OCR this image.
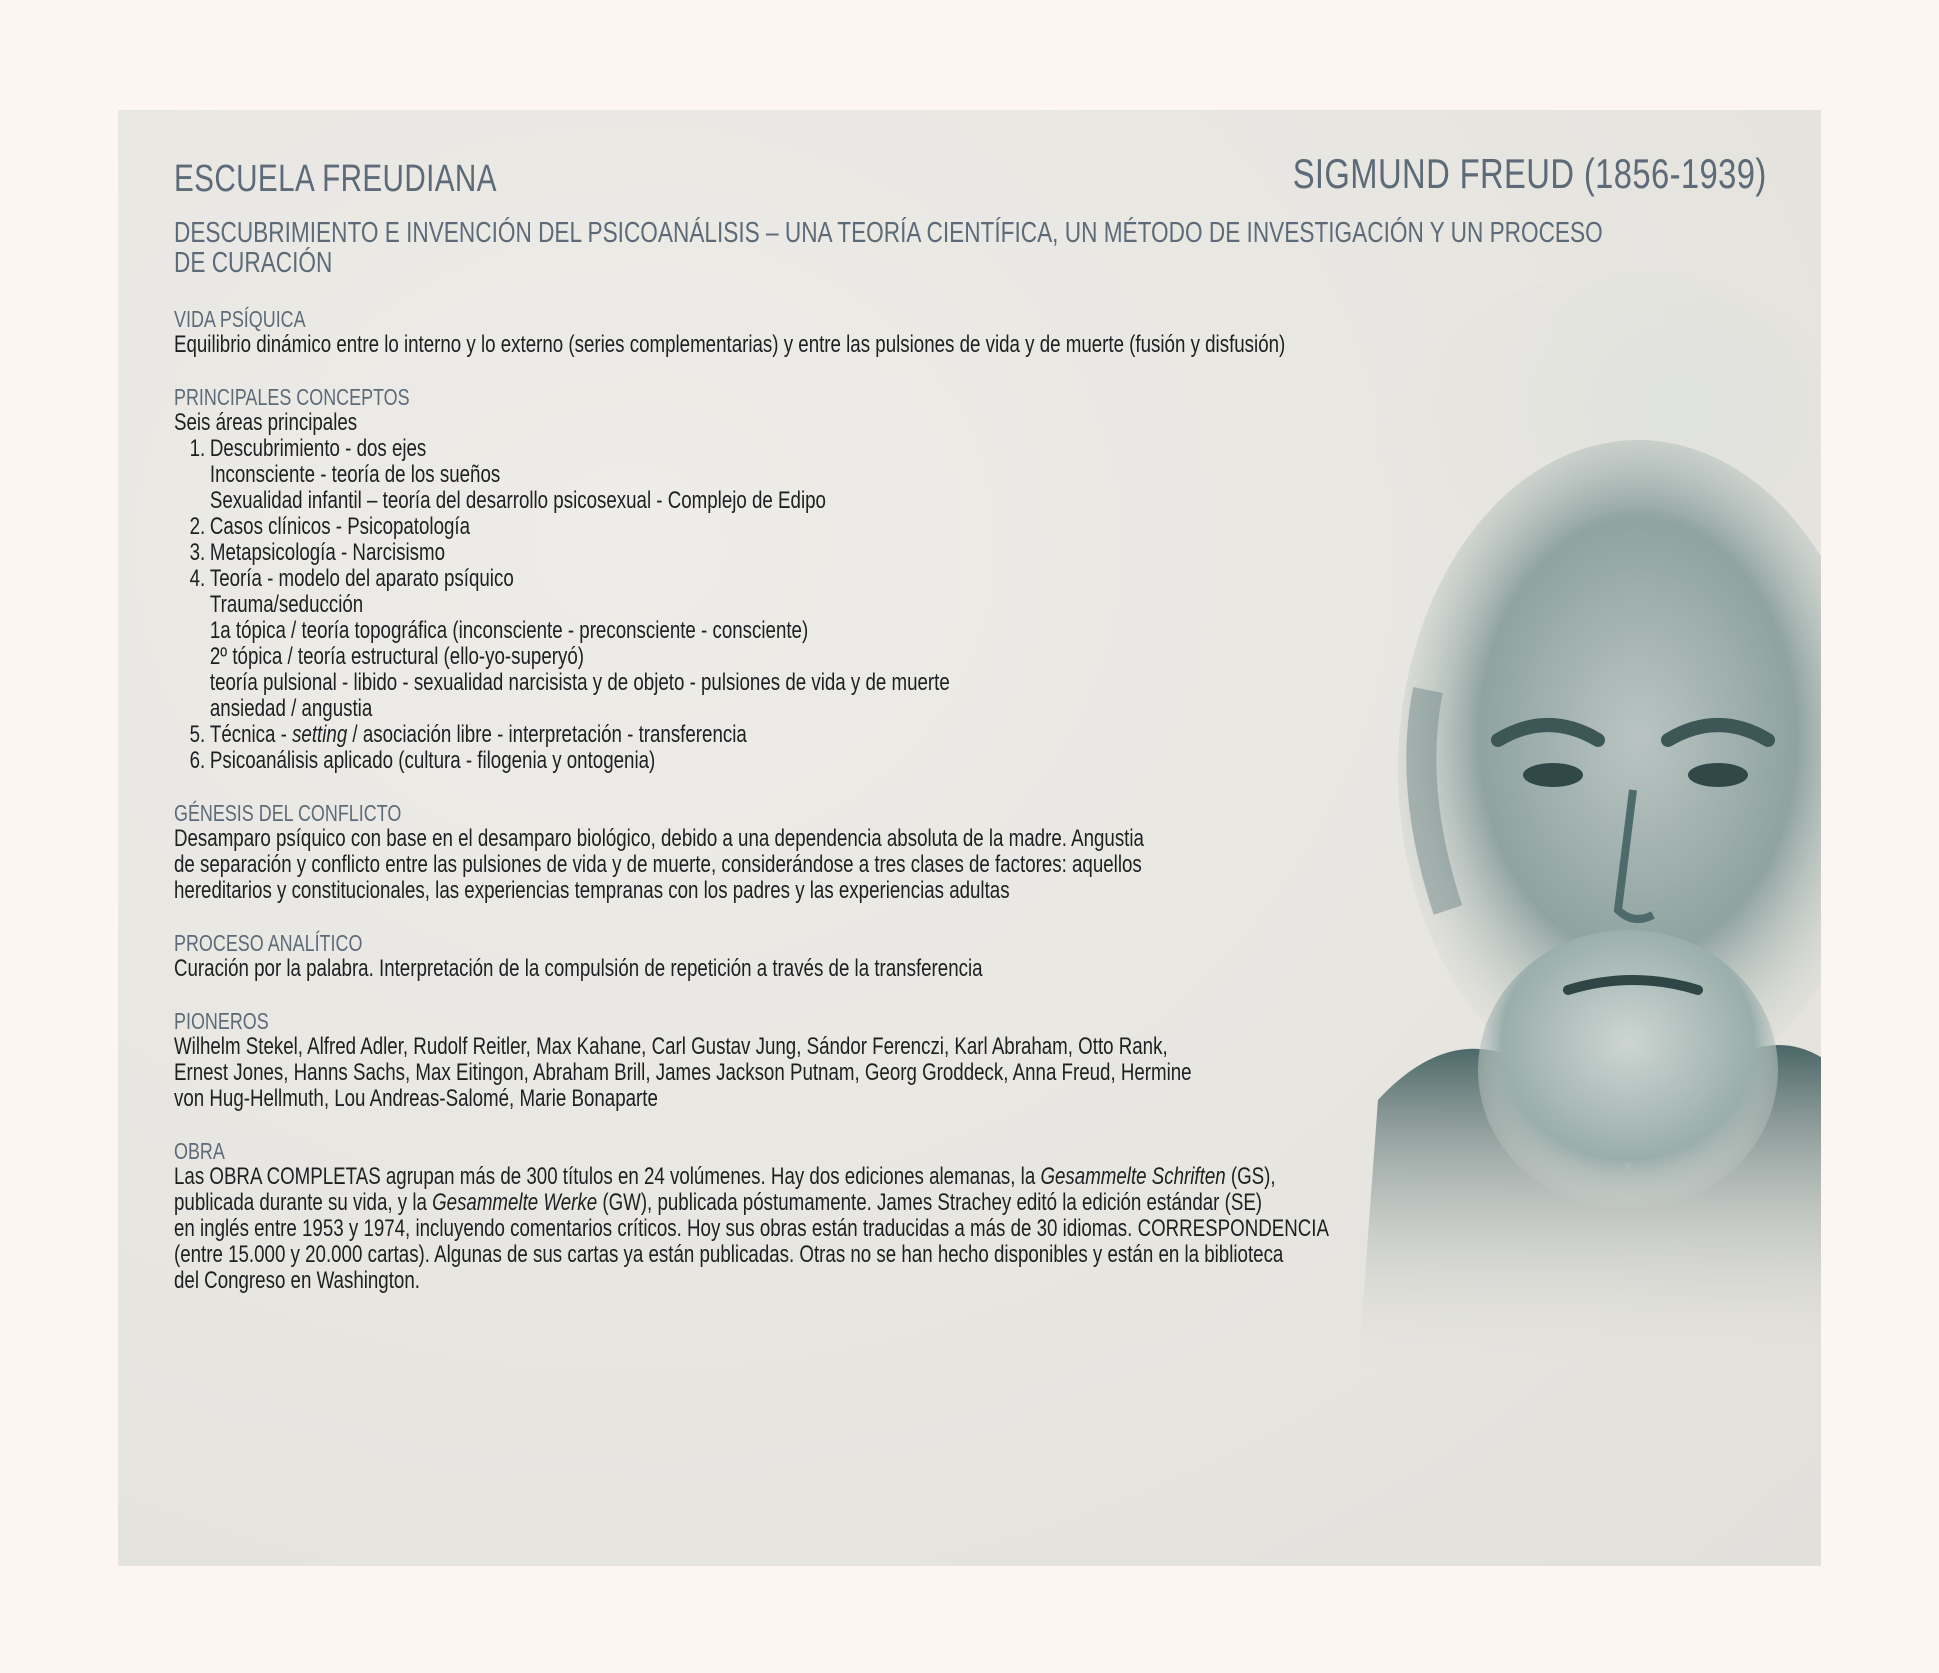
ESCUELA FREUDIANA	SIGMUND FREUD (1856-1939)
DESCUBRIMIENTO E INVENCIÓN DEL PSICOANÁLISIS – UNA TEORÍA CIENTÍFICA, UN MÉTODO DE INVESTIGACIÓN Y UN PROCESO
DE CURACIÓN
VIDA PSÍQUICA
Equilibrio dinámico entre lo interno y lo externo (series complementarias) y entre las pulsiones de vida y de muerte (fusión y disfusión)
PRINCIPALES CONCEPTOS
Seis áreas principales
1. Descubrimiento - dos ejes
Inconsciente - teoría de los sueños
Sexualidad infantil – teoría del desarrollo psicosexual - Complejo de Edipo
2. Casos clínicos - Psicopatología
3. Metapsicología - Narcisismo
4. Teoría - modelo del aparato psíquico
Trauma/seducción
1a tópica / teoría topográfica (inconsciente - preconsciente - consciente)
2º tópica / teoría estructural (ello-yo-superyó)
teoría pulsional - libido - sexualidad narcisista y de objeto - pulsiones de vida y de muerte
ansiedad / angustia
5. Técnica - setting / asociación libre - interpretación - transferencia
6. Psicoanálisis aplicado (cultura - filogenia y ontogenia)
GÉNESIS DEL CONFLICTO
Desamparo psíquico con base en el desamparo biológico, debido a una dependencia absoluta de la madre. Angustia
de separación y conflicto entre las pulsiones de vida y de muerte, considerándose a tres clases de factores: aquellos
hereditarios y constitucionales, las experiencias tempranas con los padres y las experiencias adultas
PROCESO ANALÍTICO
Curación por la palabra. Interpretación de la compulsión de repetición a través de la transferencia
PIONEROS
Wilhelm Stekel, Alfred Adler, Rudolf Reitler, Max Kahane, Carl Gustav Jung, Sándor Ferenczi, Karl Abraham, Otto Rank,
Ernest Jones, Hanns Sachs, Max Eitingon, Abraham Brill, James Jackson Putnam, Georg Groddeck, Anna Freud, Hermine
von Hug-Hellmuth, Lou Andreas-Salomé, Marie Bonaparte
OBRA
Las OBRA COMPLETAS agrupan más de 300 títulos en 24 volúmenes. Hay dos ediciones alemanas, la Gesammelte Schriften (GS),
publicada durante su vida, y la Gesammelte Werke (GW), publicada póstumamente. James Strachey editó la edición estándar (SE)
en inglés entre 1953 y 1974, incluyendo comentarios críticos. Hoy sus obras están traducidas a más de 30 idiomas. CORRESPONDENCIA
(entre 15.000 y 20.000 cartas). Algunas de sus cartas ya están publicadas. Otras no se han hecho disponibles y están en la biblioteca
del Congreso en Washington.
